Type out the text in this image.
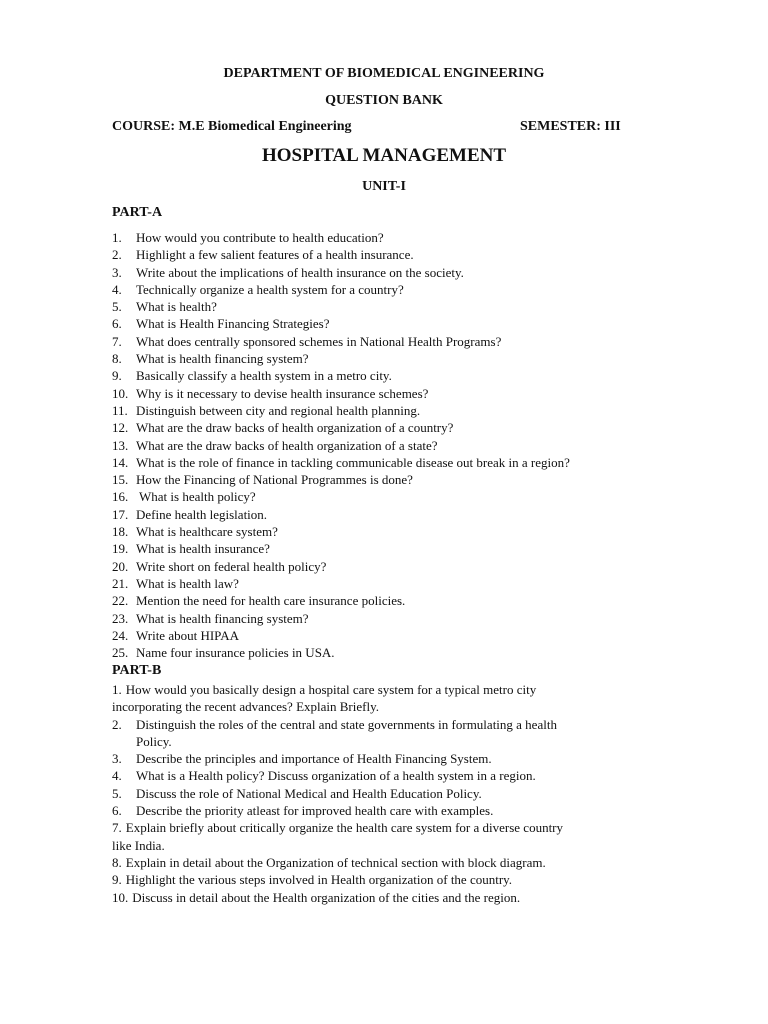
DEPARTMENT OF BIOMEDICAL ENGINEERING
QUESTION BANK
COURSE: M.E Biomedical Engineering	SEMESTER: III
HOSPITAL MANAGEMENT
UNIT-I
PART-A
1. How would you contribute to health education?
2. Highlight a few salient features of a health insurance.
3. Write about the implications of health insurance on the society.
4. Technically organize a health system for a country?
5. What is health?
6. What is Health Financing Strategies?
7. What does centrally sponsored schemes in National Health Programs?
8. What is health financing system?
9. Basically classify a health system in a metro city.
10. Why is it necessary to devise health insurance schemes?
11. Distinguish between city and regional health planning.
12. What are the draw backs of health organization of a country?
13. What are the draw backs of health organization of a state?
14. What is the role of finance in tackling communicable disease out break in a region?
15. How the Financing of National Programmes is done?
16. What is health policy?
17. Define health legislation.
18. What is healthcare system?
19. What is health insurance?
20. Write short on federal health policy?
21. What is health law?
22. Mention the need for health care insurance policies.
23. What is health financing system?
24. Write about HIPAA
25. Name four insurance policies in USA.
PART-B
1. How would you basically design a hospital care system for a typical metro city
incorporating the recent advances? Explain Briefly.
2. Distinguish the roles of the central and state governments in formulating a health
Policy.
3. Describe the principles and importance of Health Financing System.
4. What is a Health policy? Discuss organization of a health system in a region.
5. Discuss the role of National Medical and Health Education Policy.
6. Describe the priority atleast for improved health care with examples.
7. Explain briefly about critically organize the health care system for a diverse country
like India.
8. Explain in detail about the Organization of technical section with block diagram.
9. Highlight the various steps involved in Health organization of the country.
10. Discuss in detail about the Health organization of the cities and the region.
